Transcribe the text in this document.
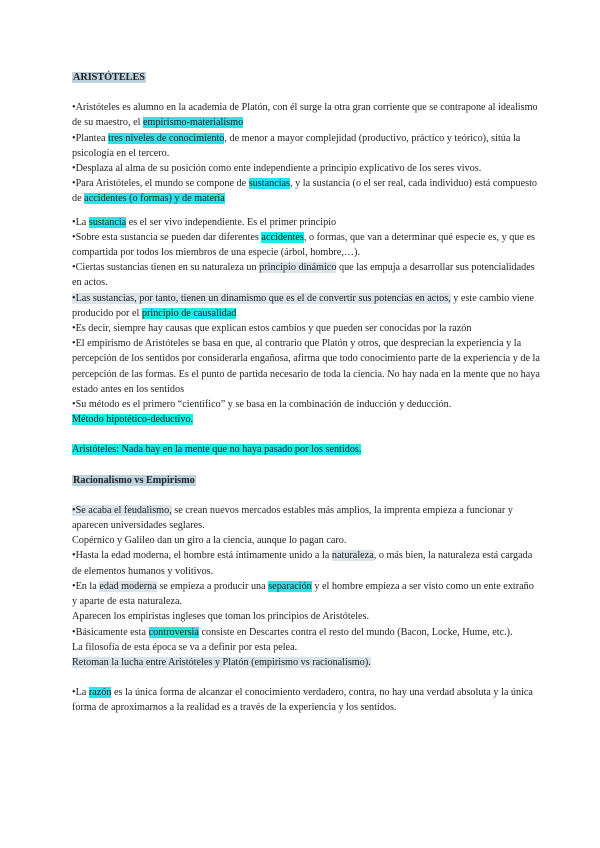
ARISTÓTELES

•Aristóteles es alumno en la academia de Platón, con él surge la otra gran corriente que se contrapone al idealismo de su maestro, el empirismo-materialismo

•Plantea tres niveles de conocimiento, de menor a mayor complejidad (productivo, práctico y teórico), sitúa la psicología en el tercero.

•Desplaza al alma de su posición como ente independiente a principio explicativo de los seres vivos.

•Para Aristóteles, el mundo se compone de sustancias, y la sustancia (o el ser real, cada individuo) está compuesto de accidentes (o formas) y de materia

•La sustancia es el ser vivo independiente. Es el primer principio

•Sobre esta sustancia se pueden dar diferentes accidentes, o formas, que van a determinar qué especie es, y que es compartida por todos los miembros de una especie (árbol, hombre,…).

•Ciertas sustancias tienen en su naturaleza un principio dinámico que las empuja a desarrollar sus potencialidades en actos.

•Las sustancias, por tanto, tienen un dinamismo que es el de convertir sus potencias en actos, y este cambio viene producido por el principio de causalidad

•Es decir, siempre hay causas que explican estos cambios y que pueden ser conocidas por la razón

•El empirismo de Aristóteles se basa en que, al contrario que Platón y otros, que desprecian la experiencia y la percepción de los sentidos por considerarla engañosa, afirma que todo conocimiento parte de la experiencia y de la percepción de las formas. Es el punto de partida necesario de toda la ciencia. No hay nada en la mente que no haya estado antes en los sentidos

•Su método es el primero “científico” y se basa en la combinación de inducción y deducción.

Método hipotético-deductivo.

Aristóteles: Nada hay en la mente que no haya pasado por los sentidos.

Racionalismo vs Empirismo

•Se acaba el feudalismo, se crean nuevos mercados estables más amplios, la imprenta empieza a funcionar y aparecen universidades seglares.

Copérnico y Galileo dan un giro a la ciencia, aunque lo pagan caro.

•Hasta la edad moderna, el hombre está íntimamente unido a la naturaleza, o más bien, la naturaleza está cargada de elementos humanos y volitivos.

•En la edad moderna se empieza a producir una separación y el hombre empieza a ser visto como un ente extraño y aparte de esta naturaleza.

Aparecen los empiristas ingleses que toman los principios de Aristóteles.

•Básicamente esta controversia consiste en Descartes contra el resto del mundo (Bacon, Locke, Hume, etc.).

La filosofía de esta época se va a definir por esta pelea.

Retoman la lucha entre Aristóteles y Platón (empirismo vs racionalismo).

•La razón es la única forma de alcanzar el conocimiento verdadero, contra, no hay una verdad absoluta y la única forma de aproximarnos a la realidad es a través de la experiencia y los sentidos.
